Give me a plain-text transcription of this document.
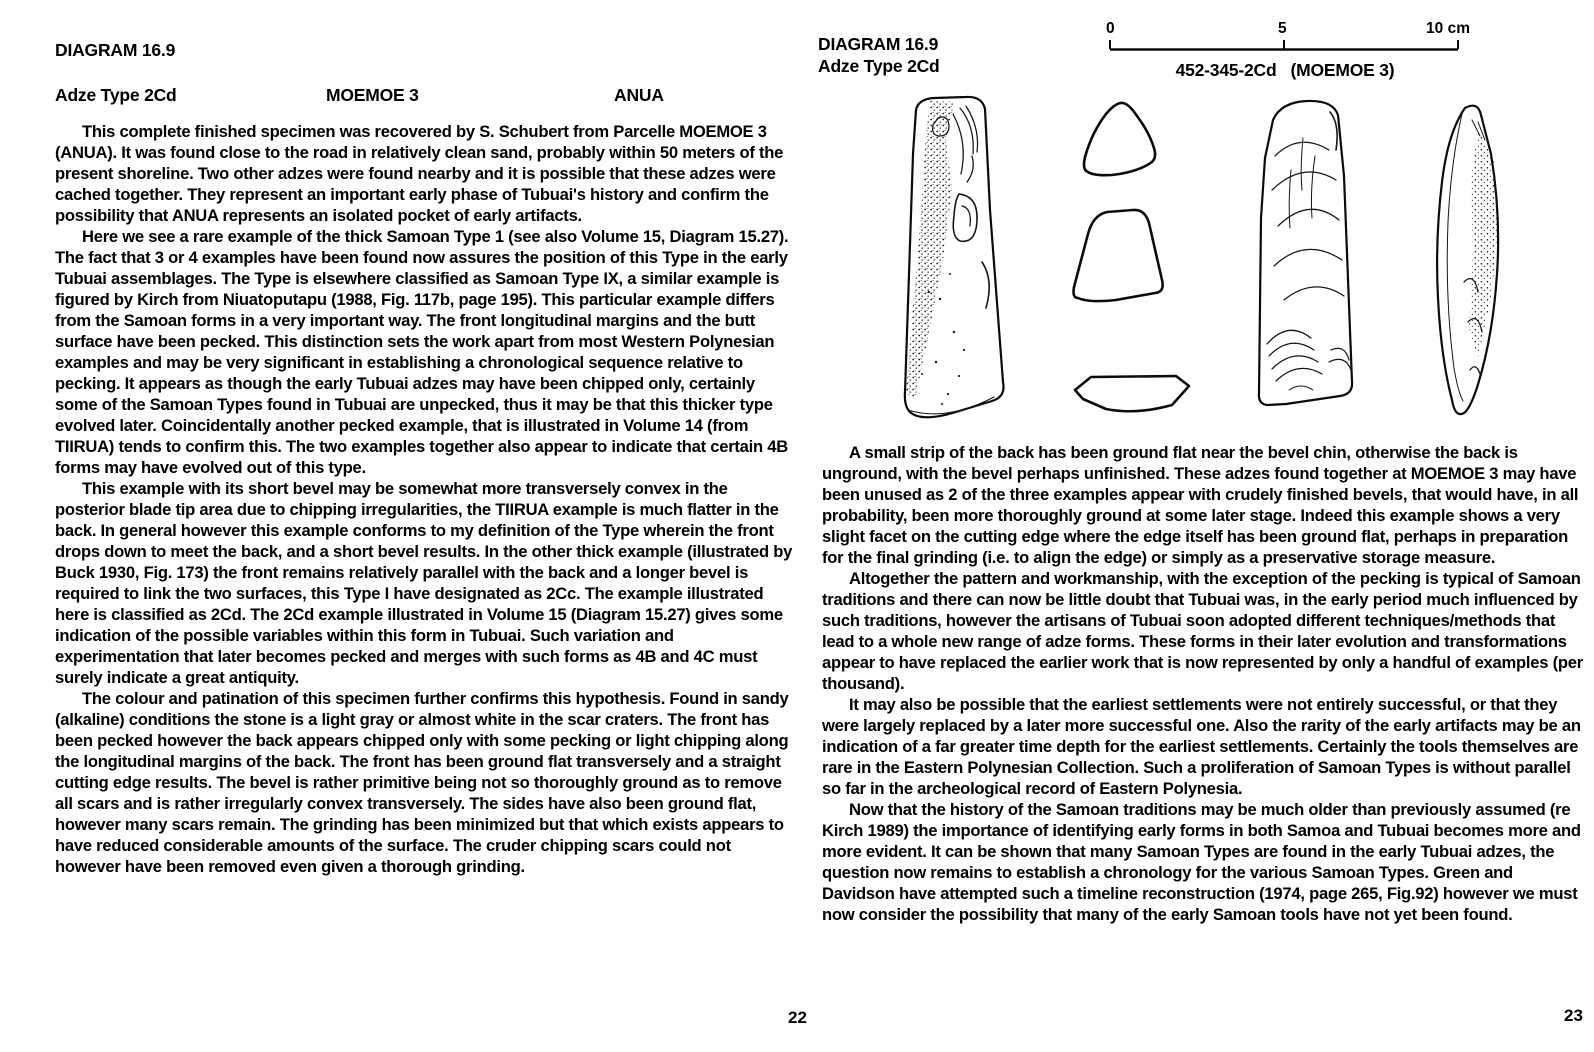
DIAGRAM 16.9
Adze Type 2Cd	MOEMOE 3	ANUA

This complete finished specimen was recovered by S. Schubert from Parcelle MOEMOE 3 (ANUA). It was found close to the road in relatively clean sand, probably within 50 meters of the present shoreline. Two other adzes were found nearby and it is possible that these adzes were cached together. They represent an important early phase of Tubuai's history and confirm the possibility that ANUA represents an isolated pocket of early artifacts.

Here we see a rare example of the thick Samoan Type 1 (see also Volume 15, Diagram 15.27). The fact that 3 or 4 examples have been found now assures the position of this Type in the early Tubuai assemblages. The Type is elsewhere classified as Samoan Type IX, a similar example is figured by Kirch from Niuatoputapu (1988, Fig. 117b, page 195). This particular example differs from the Samoan forms in a very important way. The front longitudinal margins and the butt surface have been pecked. This distinction sets the work apart from most Western Polynesian examples and may be very significant in establishing a chronological sequence relative to pecking. It appears as though the early Tubuai adzes may have been chipped only, certainly some of the Samoan Types found in Tubuai are unpecked, thus it may be that this thicker type evolved later. Coincidentally another pecked example, that is illustrated in Volume 14 (from TIIRUA) tends to confirm this. The two examples together also appear to indicate that certain 4B forms may have evolved out of this type.

This example with its short bevel may be somewhat more transversely convex in the posterior blade tip area due to chipping irregularities, the TIIRUA example is much flatter in the back. In general however this example conforms to my definition of the Type wherein the front drops down to meet the back, and a short bevel results. In the other thick example (illustrated by Buck 1930, Fig. 173) the front remains relatively parallel with the back and a longer bevel is required to link the two surfaces, this Type I have designated as 2Cc. The example illustrated here is classified as 2Cd. The 2Cd example illustrated in Volume 15 (Diagram 15.27) gives some indication of the possible variables within this form in Tubuai. Such variation and experimentation that later becomes pecked and merges with such forms as 4B and 4C must surely indicate a great antiquity.

The colour and patination of this specimen further confirms this hypothesis. Found in sandy (alkaline) conditions the stone is a light gray or almost white in the scar craters. The front has been pecked however the back appears chipped only with some pecking or light chipping along the longitudinal margins of the back. The front has been ground flat transversely and a straight cutting edge results. The bevel is rather primitive being not so thoroughly ground as to remove all scars and is rather irregularly convex transversely. The sides have also been ground flat, however many scars remain. The grinding has been minimized but that which exists appears to have reduced considerable amounts of the surface. The cruder chipping scars could not however have been removed even given a thorough grinding.

22
DIAGRAM 16.9
Adze Type 2Cd
0	5	10 cm
452-345-2Cd   (MOEMOE 3)

A small strip of the back has been ground flat near the bevel chin, otherwise the back is unground, with the bevel perhaps unfinished. These adzes found together at MOEMOE 3 may have been unused as 2 of the three examples appear with crudely finished bevels, that would have, in all probability, been more thoroughly ground at some later stage. Indeed this example shows a very slight facet on the cutting edge where the edge itself has been ground flat, perhaps in preparation for the final grinding (i.e. to align the edge) or simply as a preservative storage measure.

Altogether the pattern and workmanship, with the exception of the pecking is typical of Samoan traditions and there can now be little doubt that Tubuai was, in the early period much influenced by such traditions, however the artisans of Tubuai soon adopted different techniques/methods that lead to a whole new range of adze forms. These forms in their later evolution and transformations appear to have replaced the earlier work that is now represented by only a handful of examples (per thousand).

It may also be possible that the earliest settlements were not entirely successful, or that they were largely replaced by a later more successful one. Also the rarity of the early artifacts may be an indication of a far greater time depth for the earliest settlements. Certainly the tools themselves are rare in the Eastern Polynesian Collection. Such a proliferation of Samoan Types is without parallel so far in the archeological record of Eastern Polynesia.

Now that the history of the Samoan traditions may be much older than previously assumed (re Kirch 1989) the importance of identifying early forms in both Samoa and Tubuai becomes more and more evident. It can be shown that many Samoan Types are found in the early Tubuai adzes, the question now remains to establish a chronology for the various Samoan Types. Green and Davidson have attempted such a timeline reconstruction (1974, page 265, Fig.92) however we must now consider the possibility that many of the early Samoan tools have not yet been found.

23
